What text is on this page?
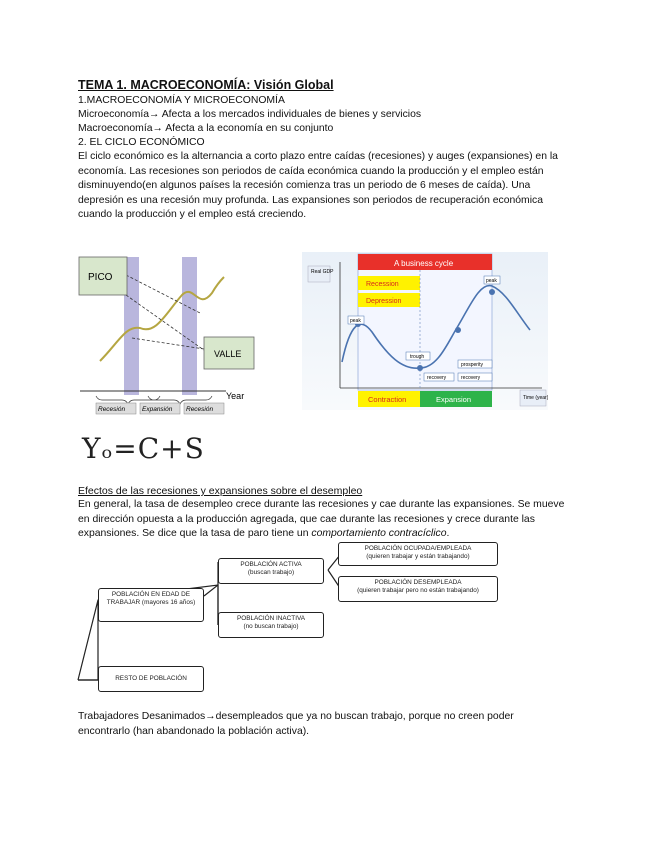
TEMA 1. MACROECONOMÍA: Visión Global
1.MACROECONOMÍA Y MICROECONOMÍA
Microeconomía→ Afecta a los mercados individuales de bienes y servicios
Macroeconomía→ Afecta a la economía en su conjunto
2. EL CICLO ECONÓMICO
El ciclo económico es la alternancia a corto plazo entre caídas (recesiones) y auges (expansiones) en la economía. Las recesiones son periodos de caída económica cuando la producción y el empleo están disminuyendo(en algunos países la recesión comienza tras un periodo de 6 meses de caída). Una depresión es una recesión muy profunda. Las expansiones son periodos de recuperación económica cuando la producción y el empleo está creciendo.
PICO
VALLE
Year
Recesión	Expansión Recesión
Real GDP
A business cycle
Recession
Depression
peak
peak
trough
recovery
prosperity
recovery
Contraction	Expansion	Time (year)
Yₒ=C+S
Efectos de las recesiones y expansiones sobre el desempleo
En general, la tasa de desempleo crece durante las recesiones y cae durante las expansiones. Se mueve en dirección opuesta a la producción agregada, que cae durante las recesiones y crece durante las expansiones. Se dice que la tasa de paro tiene un comportamiento contracíclico.
POBLACIÓN EN EDAD DE TRABAJAR (mayores 16 años)
POBLACIÓN ACTIVA
(buscan trabajo)
POBLACIÓN INACTIVA
(no buscan trabajo)
POBLACIÓN OCUPADA/EMPLEADA
(quieren trabajar y están trabajando)
POBLACIÓN DESEMPLEADA
(quieren trabajar pero no están trabajando)
RESTO DE POBLACIÓN
Trabajadores Desanimados→desempleados que ya no buscan trabajo, porque no creen poder encontrarlo (han abandonado la población activa).
